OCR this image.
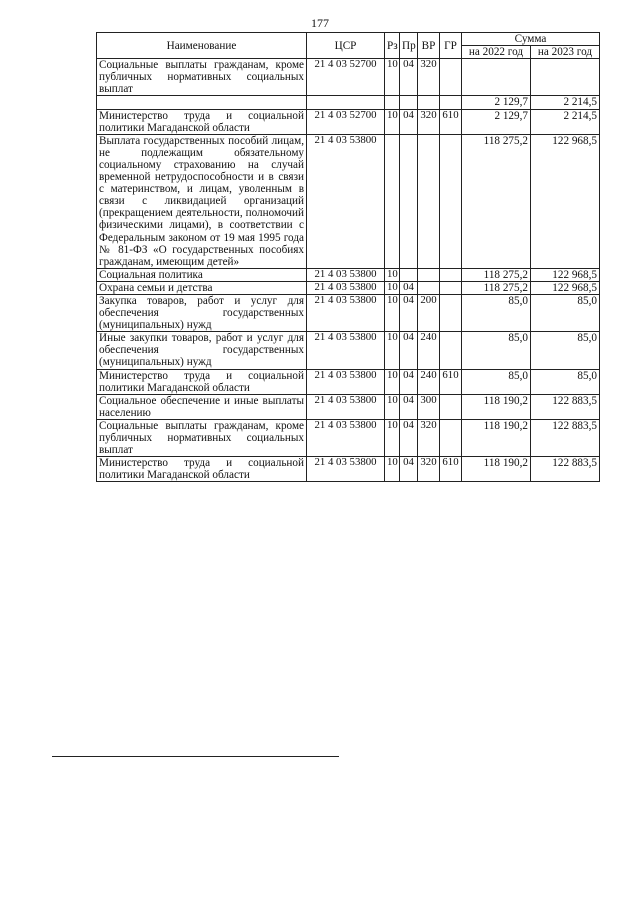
177
Наименование	ЦСР	Рз	Пр	ВР	ГР	Сумма	
						на 2022 год	на 2023 год
Социальные выплаты гражданам, кроме публичных нормативных социальных выплат	21 4 03 52700	10	04	320			
						2 129,7	2 214,5
Министерство труда и социальной политики Магаданской области	21 4 03 52700	10	04	320	610	2 129,7	2 214,5
Выплата государственных пособий лицам, не подлежащим обязательному социальному страхованию на случай временной нетрудоспособности и в связи с материнством, и лицам, уволенным в связи с ликвидацией организаций (прекращением деятельности, полномочий физическими лицами), в соответствии с Федеральным законом от 19 мая 1995 года № 81-ФЗ «О государственных пособиях гражданам, имеющим детей»	21 4 03 53800					118 275,2	122 968,5
Социальная политика	21 4 03 53800	10				118 275,2	122 968,5
Охрана семьи и детства	21 4 03 53800	10	04			118 275,2	122 968,5
Закупка товаров, работ и услуг для обеспечения государственных (муниципальных) нужд	21 4 03 53800	10	04	200		85,0	85,0
Иные закупки товаров, работ и услуг для обеспечения государственных (муниципальных) нужд	21 4 03 53800	10	04	240		85,0	85,0
Министерство труда и социальной политики Магаданской области	21 4 03 53800	10	04	240	610	85,0	85,0
Социальное обеспечение и иные выплаты населению	21 4 03 53800	10	04	300		118 190,2	122 883,5
Социальные выплаты гражданам, кроме публичных нормативных социальных выплат	21 4 03 53800	10	04	320		118 190,2	122 883,5
Министерство труда и социальной политики Магаданской области	21 4 03 53800	10	04	320	610	118 190,2	122 883,5
